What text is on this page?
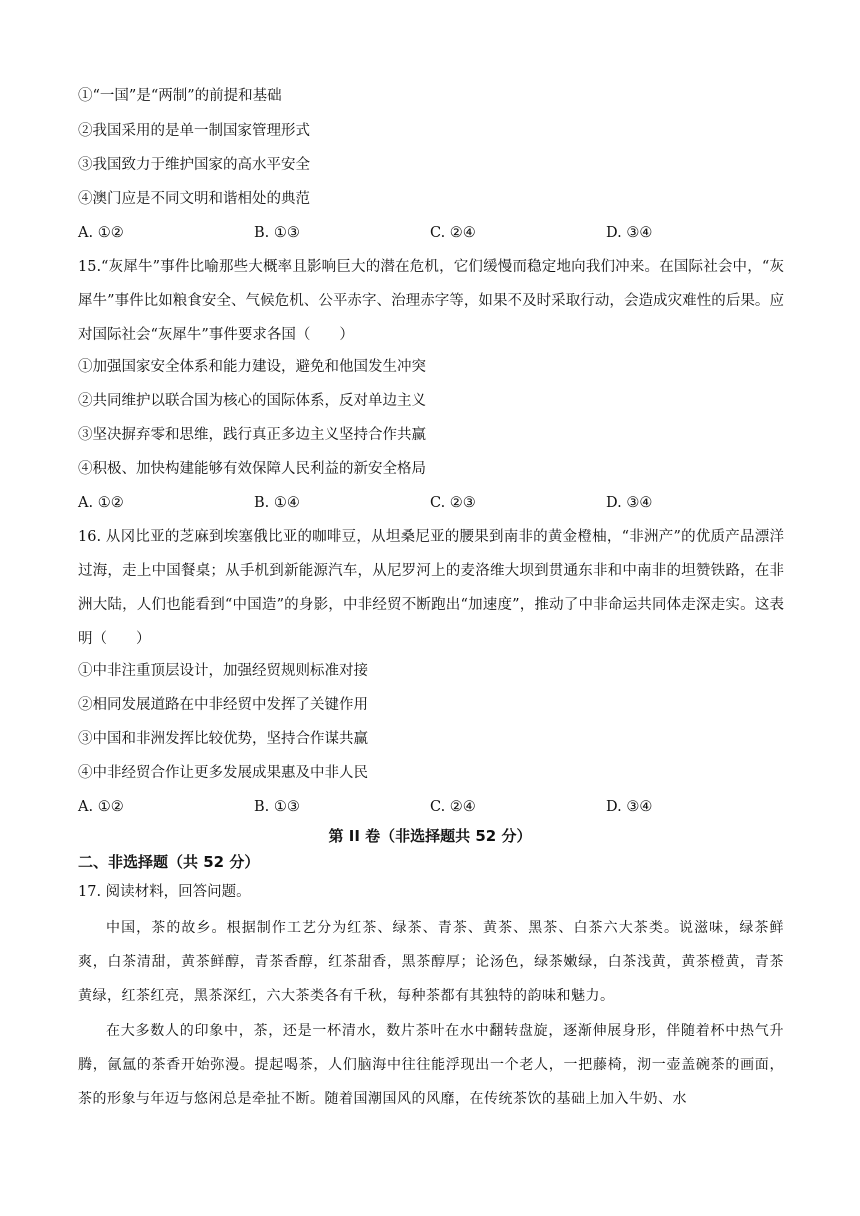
①“一国”是“两制”的前提和基础
②我国采用的是单一制国家管理形式
③我国致力于维护国家的高水平安全
④澳门应是不同文明和谐相处的典范
A. ①②	B. ①③	C. ②④	D. ③④
15.“灰犀牛”事件比喻那些大概率且影响巨大的潜在危机，它们缓慢而稳定地向我们冲来。在国际社会中，“灰犀牛”事件比如粮食安全、气候危机、公平赤字、治理赤字等，如果不及时采取行动，会造成灾难性的后果。应对国际社会“灰犀牛”事件要求各国（　　）
①加强国家安全体系和能力建设，避免和他国发生冲突
②共同维护以联合国为核心的国际体系，反对单边主义
③坚决摒弃零和思维，践行真正多边主义坚持合作共赢
④积极、加快构建能够有效保障人民利益的新安全格局
A. ①②	B. ①④	C. ②③	D. ③④
16. 从冈比亚的芝麻到埃塞俄比亚的咖啡豆，从坦桑尼亚的腰果到南非的黄金橙柚，“非洲产”的优质产品漂洋过海，走上中国餐桌；从手机到新能源汽车，从尼罗河上的麦洛维大坝到贯通东非和中南非的坦赞铁路，在非洲大陆，人们也能看到“中国造”的身影，中非经贸不断跑出“加速度”，推动了中非命运共同体走深走实。这表明（　　）
①中非注重顶层设计，加强经贸规则标准对接
②相同发展道路在中非经贸中发挥了关键作用
③中国和非洲发挥比较优势，坚持合作谋共赢
④中非经贸合作让更多发展成果惠及中非人民
A. ①②	B. ①③	C. ②④	D. ③④
第 II 卷（非选择题共 52 分）
二、非选择题（共 52 分）
17. 阅读材料，回答问题。
中国，茶的故乡。根据制作工艺分为红茶、绿茶、青茶、黄茶、黑茶、白茶六大茶类。说滋味，绿茶鲜爽，白茶清甜，黄茶鲜醇，青茶香醇，红茶甜香，黑茶醇厚；论汤色，绿茶嫩绿，白茶浅黄，黄茶橙黄，青茶黄绿，红茶红亮，黑茶深红，六大茶类各有千秋，每种茶都有其独特的韵味和魅力。
在大多数人的印象中，茶，还是一杯清水，数片茶叶在水中翻转盘旋，逐渐伸展身形，伴随着杯中热气升腾，氤氲的茶香开始弥漫。提起喝茶，人们脑海中往往能浮现出一个老人，一把藤椅，沏一壶盖碗茶的画面，茶的形象与年迈与悠闲总是牵扯不断。随着国潮国风的风靡，在传统茶饮的基础上加入牛奶、水
